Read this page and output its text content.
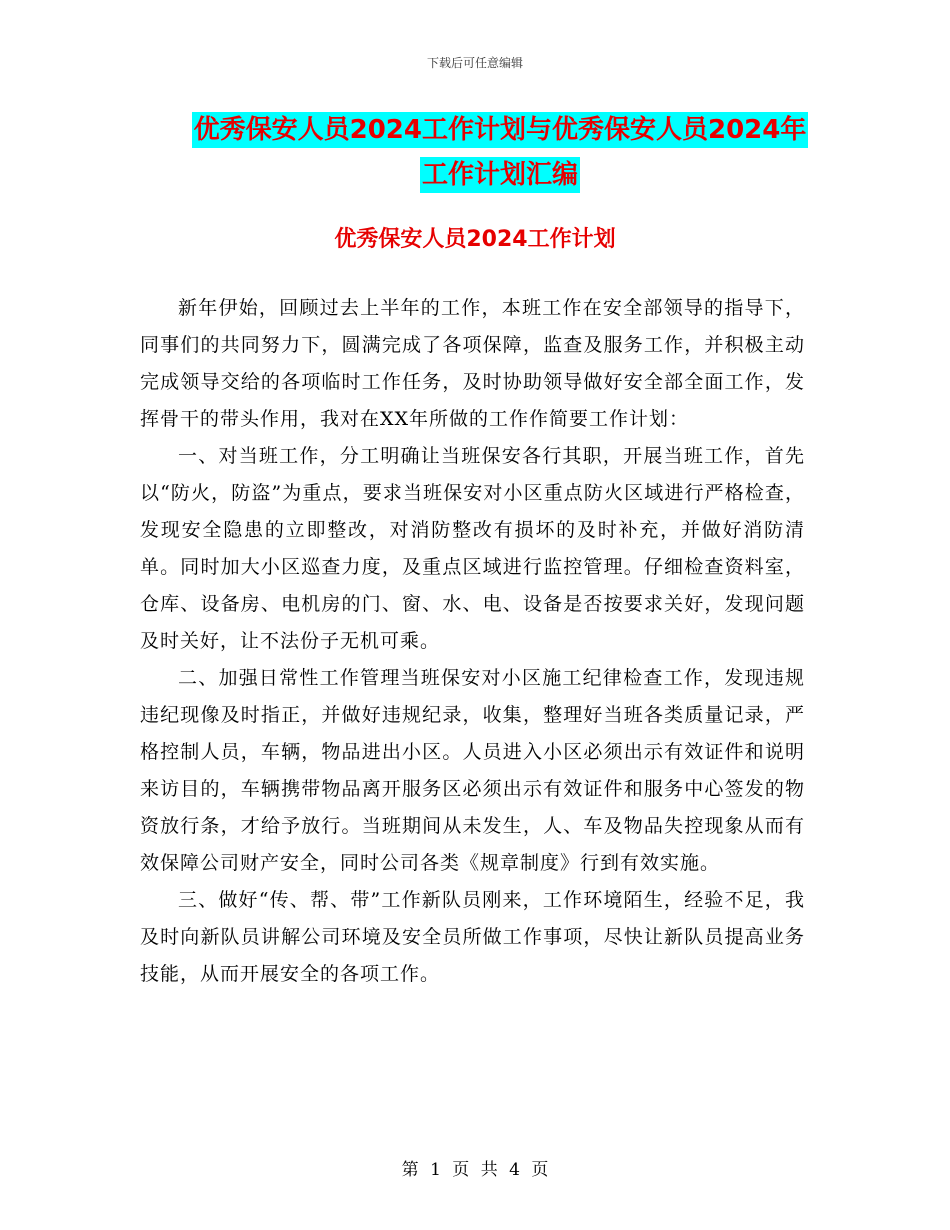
下载后可任意编辑
优秀保安人员2024工作计划与优秀保安人员2024年
工作计划汇编
优秀保安人员2024工作计划

新年伊始，回顾过去上半年的工作，本班工作在安全部领导的指导下，同事们的共同努力下，圆满完成了各项保障，监查及服务工作，并积极主动完成领导交给的各项临时工作任务，及时协助领导做好安全部全面工作，发挥骨干的带头作用，我对在XX年所做的工作作简要工作计划：

一、对当班工作，分工明确让当班保安各行其职，开展当班工作，首先以“防火，防盗”为重点，要求当班保安对小区重点防火区域进行严格检查，发现安全隐患的立即整改，对消防整改有损坏的及时补充，并做好消防清单。同时加大小区巡查力度，及重点区域进行监控管理。仔细检查资料室，仓库、设备房、电机房的门、窗、水、电、设备是否按要求关好，发现问题及时关好，让不法份子无机可乘。

二、加强日常性工作管理当班保安对小区施工纪律检查工作，发现违规违纪现像及时指正，并做好违规纪录，收集，整理好当班各类质量记录，严格控制人员，车辆，物品进出小区。人员进入小区必须出示有效证件和说明来访目的，车辆携带物品离开服务区必须出示有效证件和服务中心签发的物资放行条，才给予放行。当班期间从未发生，人、车及物品失控现象从而有效保障公司财产安全，同时公司各类《规章制度》行到有效实施。

三、做好“传、帮、带”工作新队员刚来，工作环境陌生，经验不足，我及时向新队员讲解公司环境及安全员所做工作事项，尽快让新队员提高业务技能，从而开展安全的各项工作。

第 1 页 共 4 页
